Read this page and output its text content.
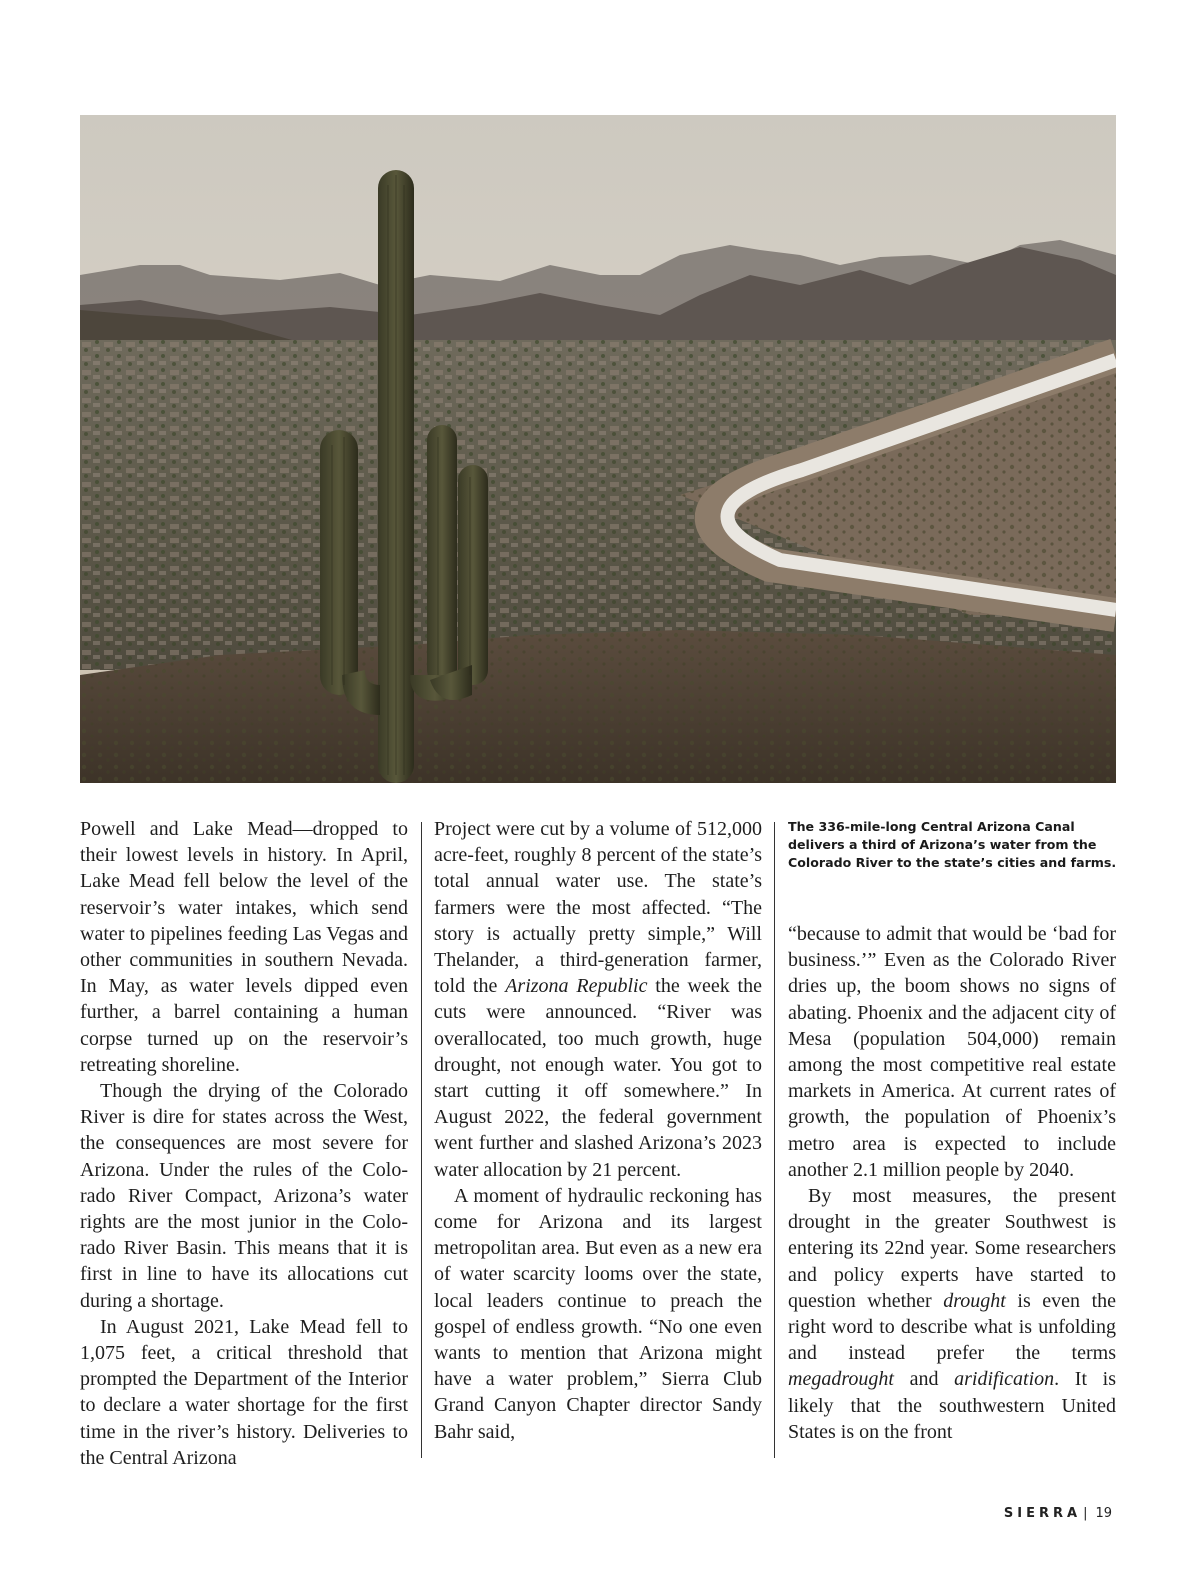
Powell and Lake Mead—dropped to their lowest levels in history. In April, Lake Mead fell below the level of the reservoir’s water intakes, which send water to pipelines feeding Las Vegas and other communities in southern Nevada. In May, as water levels dipped even further, a barrel containing a human corpse turned up on the reservoir’s retreating shoreline.

Though the drying of the Colorado River is dire for states across the West, the consequences are most severe for Arizona. Under the rules of the Colorado River Compact, Arizona’s water rights are the most junior in the Colorado River Basin. This means that it is first in line to have its allocations cut during a shortage.

In August 2021, Lake Mead fell to 1,075 feet, a critical threshold that prompted the Department of the Interior to declare a water shortage for the first time in the river’s history. Deliveries to the Central Arizona

Project were cut by a volume of 512,000 acre-feet, roughly 8 percent of the state’s total annual water use. The state’s farmers were the most affected. “The story is actually pretty simple,” Will Thelander, a third-generation farmer, told the Arizona Republic the week the cuts were announced. “River was overallocated, too much growth, huge drought, not enough water. You got to start cutting it off somewhere.” In August 2022, the federal government went further and slashed Arizona’s 2023 water allocation by 21 percent.

A moment of hydraulic reckoning has come for Arizona and its largest metropolitan area. But even as a new era of water scarcity looms over the state, local leaders continue to preach the gospel of endless growth. “No one even wants to mention that Arizona might have a water problem,” Sierra Club Grand Canyon Chapter director Sandy Bahr said,

The 336-mile-long Central Arizona Canal delivers a third of Arizona’s water from the Colorado River to the state’s cities and farms.

“because to admit that would be ‘bad for business.’” Even as the Colorado River dries up, the boom shows no signs of abating. Phoenix and the adjacent city of Mesa (population 504,000) remain among the most competitive real estate markets in America. At current rates of growth, the population of Phoenix’s metro area is expected to include another 2.1 million people by 2040.

By most measures, the present drought in the greater Southwest is entering its 22nd year. Some researchers and policy experts have started to question whether drought is even the right word to describe what is unfolding and instead prefer the terms megadrought and aridification. It is likely that the southwestern United States is on the front

SIERRA | 19
